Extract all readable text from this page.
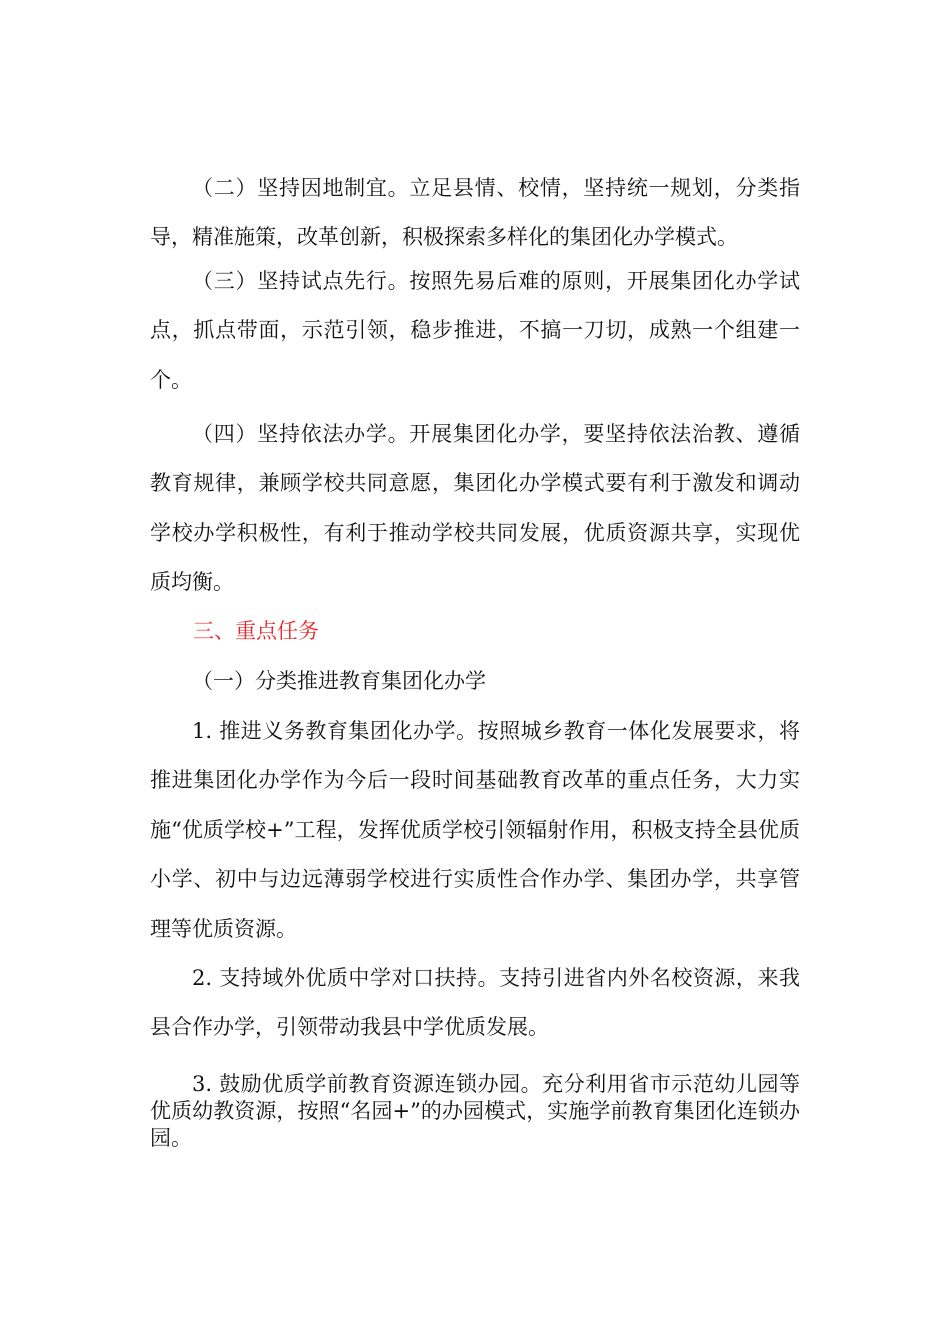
（二）坚持因地制宜。立足县情、校情，坚持统一规划，分类指导，精准施策，改革创新，积极探索多样化的集团化办学模式。

（三）坚持试点先行。按照先易后难的原则，开展集团化办学试点，抓点带面，示范引领，稳步推进，不搞一刀切，成熟一个组建一个。

（四）坚持依法办学。开展集团化办学，要坚持依法治教、遵循教育规律，兼顾学校共同意愿，集团化办学模式要有利于激发和调动学校办学积极性，有利于推动学校共同发展，优质资源共享，实现优质均衡。

三、重点任务

（一）分类推进教育集团化办学

1. 推进义务教育集团化办学。按照城乡教育一体化发展要求，将推进集团化办学作为今后一段时间基础教育改革的重点任务，大力实施“优质学校+”工程，发挥优质学校引领辐射作用，积极支持全县优质小学、初中与边远薄弱学校进行实质性合作办学、集团办学，共享管理等优质资源。

2. 支持域外优质中学对口扶持。支持引进省内外名校资源，来我县合作办学，引领带动我县中学优质发展。

3. 鼓励优质学前教育资源连锁办园。充分利用省市示范幼儿园等优质幼教资源，按照“名园+”的办园模式，实施学前教育集团化连锁办园。
